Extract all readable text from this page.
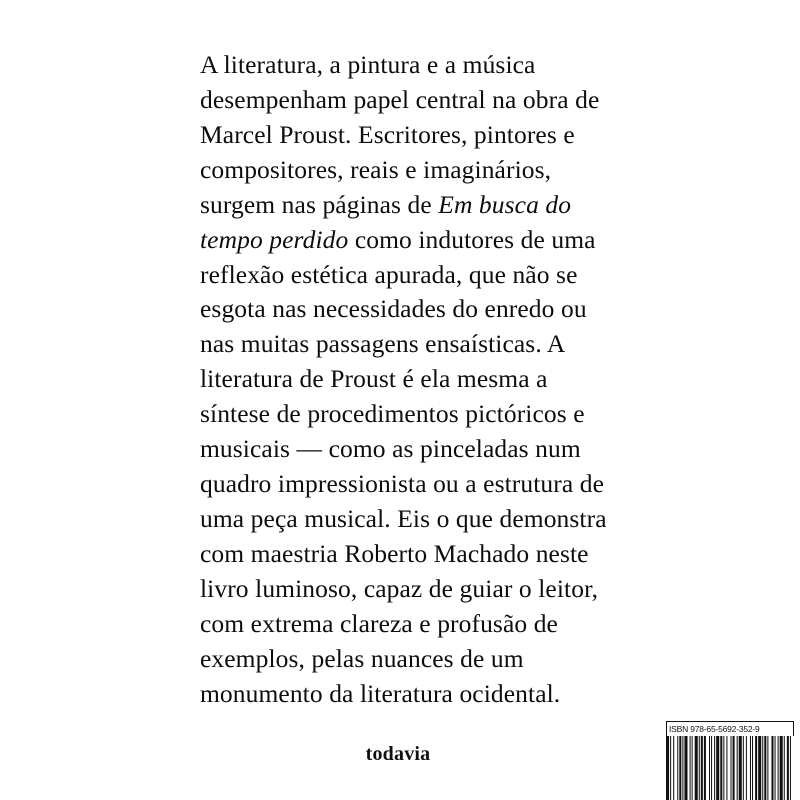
A literatura, a pintura e a música desempenham papel central na obra de Marcel Proust. Escritores, pintores e compositores, reais e imaginários, surgem nas páginas de Em busca do tempo perdido como indutores de uma reflexão estética apurada, que não se esgota nas necessidades do enredo ou nas muitas passagens ensaísticas. A literatura de Proust é ela mesma a síntese de procedimentos pictóricos e musicais — como as pinceladas num quadro impressionista ou a estrutura de uma peça musical. Eis o que demonstra com maestria Roberto Machado neste livro luminoso, capaz de guiar o leitor, com extrema clareza e profusão de exemplos, pelas nuances de um monumento da literatura ocidental.
todavia
ISBN 978-65-5692-352-9
